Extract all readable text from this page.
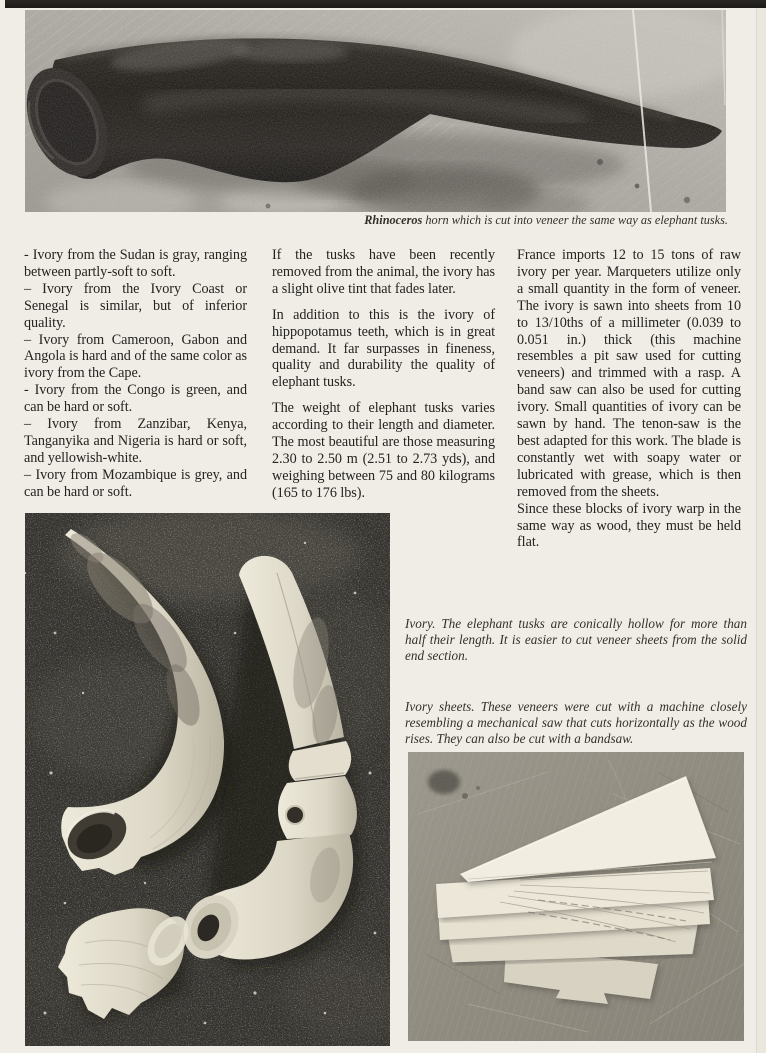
Rhinoceros horn which is cut into veneer the same way as elephant tusks.

- Ivory from the Sudan is gray, ranging between partly-soft to soft.

– Ivory from the Ivory Coast or Senegal is similar, but of inferior quality.

– Ivory from Cameroon, Gabon and Angola is hard and of the same color as ivory from the Cape.

- Ivory from the Congo is green, and can be hard or soft.

– Ivory from Zanzibar, Kenya, Tanganyika and Nigeria is hard or soft, and yellowish-white.

– Ivory from Mozambique is grey, and can be hard or soft.

If the tusks have been recently removed from the animal, the ivory has a slight olive tint that fades later.

In addition to this is the ivory of hippopotamus teeth, which is in great demand. It far surpasses in fineness, quality and durability the quality of elephant tusks.

The weight of elephant tusks varies according to their length and diameter. The most beautiful are those measuring 2.30 to 2.50 m (2.51 to 2.73 yds), and weighing between 75 and 80 kilograms (165 to 176 lbs).

France imports 12 to 15 tons of raw ivory per year. Marqueters utilize only a small quantity in the form of veneer. The ivory is sawn into sheets from 10 to 13/10ths of a millimeter (0.039 to 0.051 in.) thick (this machine resembles a pit saw used for cutting veneers) and trimmed with a rasp. A band saw can also be used for cutting ivory. Small quantities of ivory can be sawn by hand. The tenon-saw is the best adapted for this work. The blade is constantly wet with soapy water or lubricated with grease, which is then removed from the sheets.

Since these blocks of ivory warp in the same way as wood, they must be held flat.

Ivory. The elephant tusks are conically hollow for more than half their length. It is easier to cut veneer sheets from the solid end section.
Ivory sheets. These veneers were cut with a machine closely resembling a mechanical saw that cuts horizontally as the wood rises. They can also be cut with a bandsaw.
